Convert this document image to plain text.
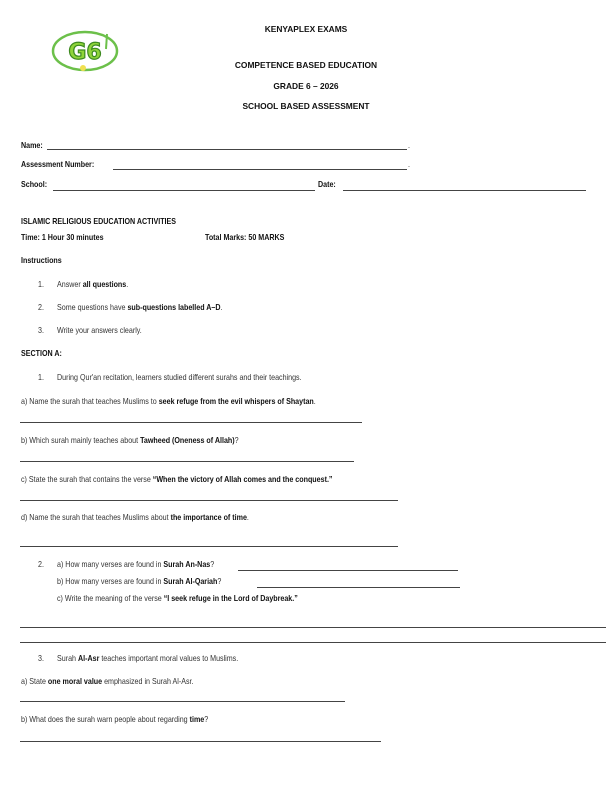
G6
KENYAPLEX EXAMS
COMPETENCE BASED EDUCATION
GRADE 6 – 2026
SCHOOL BASED ASSESSMENT
Name:	.
Assessment Number:	.
School:	Date:
ISLAMIC RELIGIOUS EDUCATION ACTIVITIES
Time: 1 Hour 30 minutes	Total Marks: 50 MARKS
Instructions
1. Answer all questions.
2. Some questions have sub-questions labelled A–D.
3. Write your answers clearly.
SECTION A:
1. During Qur'an recitation, learners studied different surahs and their teachings.
a) Name the surah that teaches Muslims to seek refuge from the evil whispers of Shaytan.
b) Which surah mainly teaches about Tawheed (Oneness of Allah)?
c) State the surah that contains the verse “When the victory of Allah comes and the conquest.”
d) Name the surah that teaches Muslims about the importance of time.
2. a) How many verses are found in Surah An-Nas?
b) How many verses are found in Surah Al-Qariah?
c) Write the meaning of the verse “I seek refuge in the Lord of Daybreak.”
3. Surah Al-Asr teaches important moral values to Muslims.
a) State one moral value emphasized in Surah Al-Asr.
b) What does the surah warn people about regarding time?
